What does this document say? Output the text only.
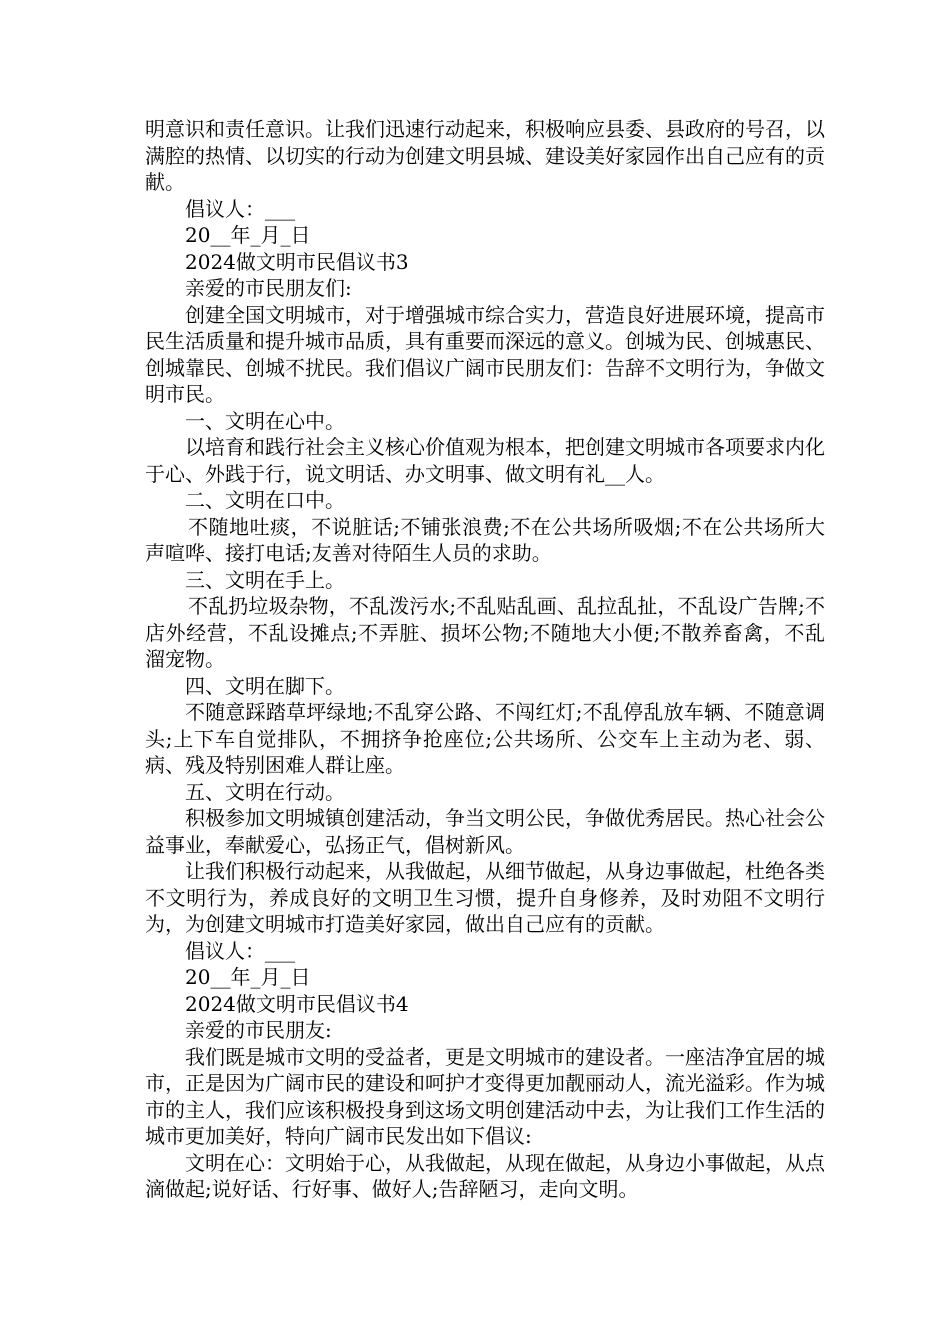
明意识和责任意识。让我们迅速行动起来，积极响应县委、县政府的号召，以满腔的热情、以切实的行动为创建文明县城、建设美好家园作出自己应有的贡献。

倡议人：___

20__年_月_日

2024做文明市民倡议书3

亲爱的市民朋友们:

创建全国文明城市，对于增强城市综合实力，营造良好进展环境，提高市民生活质量和提升城市品质，具有重要而深远的意义。创城为民、创城惠民、创城靠民、创城不扰民。我们倡议广阔市民朋友们：告辞不文明行为，争做文明市民。

一、文明在心中。

以培育和践行社会主义核心价值观为根本，把创建文明城市各项要求内化于心、外践于行，说文明话、办文明事、做文明有礼__人。

二、文明在口中。

不随地吐痰，不说脏话;不铺张浪费;不在公共场所吸烟;不在公共场所大声喧哗、接打电话;友善对待陌生人员的求助。

三、文明在手上。

不乱扔垃圾杂物，不乱泼污水;不乱贴乱画、乱拉乱扯，不乱设广告牌;不店外经营，不乱设摊点;不弄脏、损坏公物;不随地大小便;不散养畜禽，不乱溜宠物。

四、文明在脚下。

不随意踩踏草坪绿地;不乱穿公路、不闯红灯;不乱停乱放车辆、不随意调头;上下车自觉排队，不拥挤争抢座位;公共场所、公交车上主动为老、弱、病、残及特别困难人群让座。

五、文明在行动。

积极参加文明城镇创建活动，争当文明公民，争做优秀居民。热心社会公益事业，奉献爱心，弘扬正气，倡树新风。

让我们积极行动起来，从我做起，从细节做起，从身边事做起，杜绝各类不文明行为，养成良好的文明卫生习惯，提升自身修养，及时劝阻不文明行为，为创建文明城市打造美好家园，做出自己应有的贡献。

倡议人：___

20__年_月_日

2024做文明市民倡议书4

亲爱的市民朋友:

我们既是城市文明的受益者，更是文明城市的建设者。一座洁净宜居的城市，正是因为广阔市民的建设和呵护才变得更加靓丽动人，流光溢彩。作为城市的主人，我们应该积极投身到这场文明创建活动中去，为让我们工作生活的城市更加美好，特向广阔市民发出如下倡议:

文明在心：文明始于心，从我做起，从现在做起，从身边小事做起，从点滴做起;说好话、行好事、做好人;告辞陋习，走向文明。
